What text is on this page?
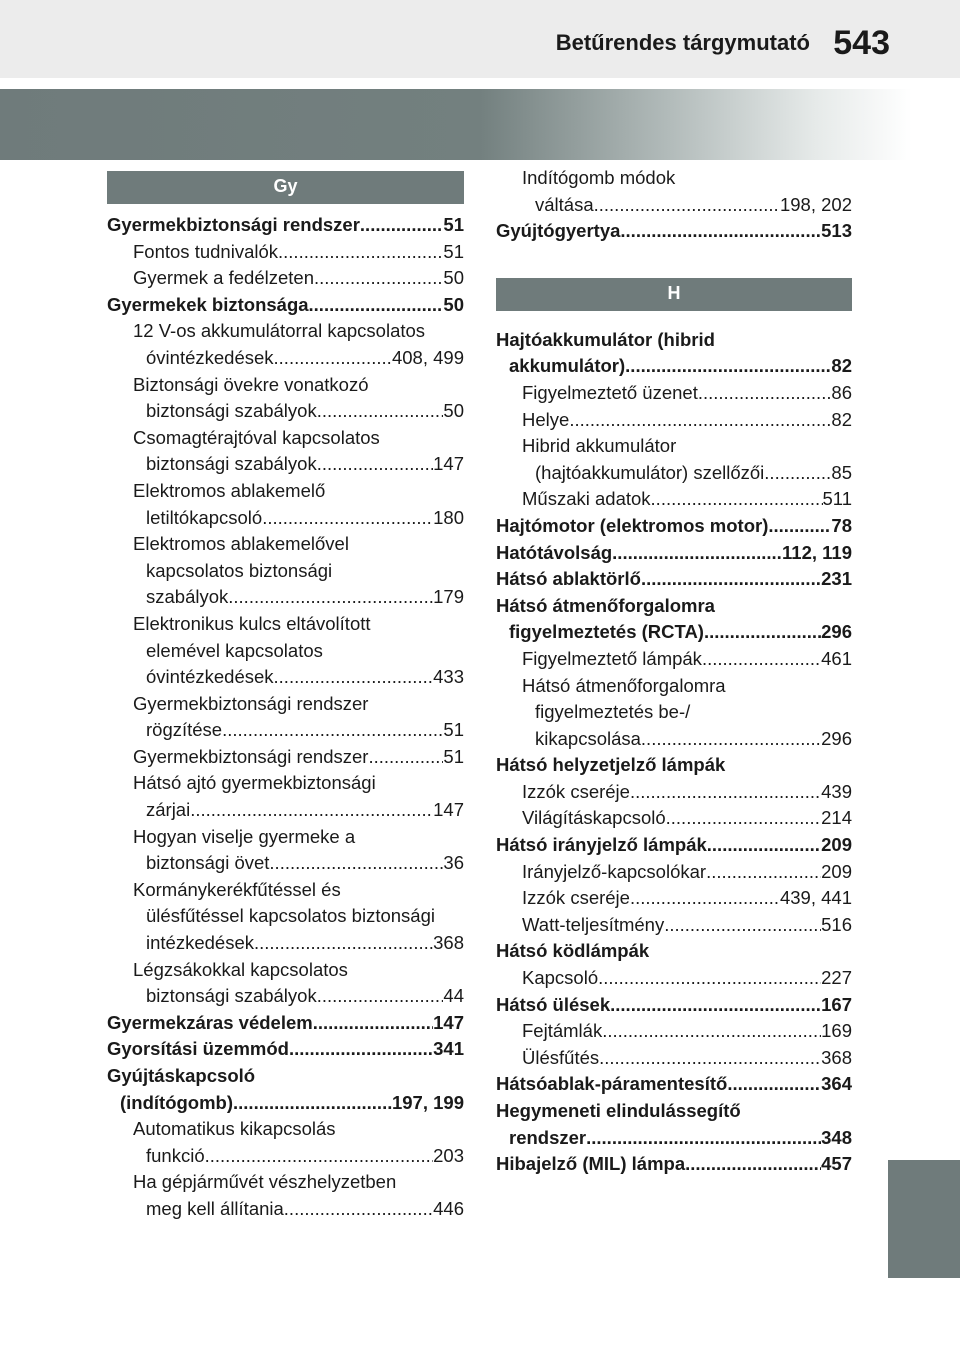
Betűrendes tárgymutató 543
Gy
Gyermekbiztonsági rendszer .....	51
Fontos tudnivalók .....	51
Gyermek a fedélzeten .....	50
Gyermekek biztonsága .....	50
12 V-os akkumulátorral kapcsolatos
óvintézkedések .....	408, 499
Biztonsági övekre vonatkozó
biztonsági szabályok .....	50
Csomagtérajtóval kapcsolatos
biztonsági szabályok .....	147
Elektromos ablakemelő
letiltókapcsoló .....	180
Elektromos ablakemelővel
kapcsolatos biztonsági
szabályok .....	179
Elektronikus kulcs eltávolított
elemével kapcsolatos
óvintézkedések .....	433
Gyermekbiztonsági rendszer
rögzítése .....	51
Gyermekbiztonsági rendszer .....	51
Hátsó ajtó gyermekbiztonsági
zárjai .....	147
Hogyan viselje gyermeke a
biztonsági övet .....	36
Kormánykerékfűtéssel és
ülésfűtéssel kapcsolatos biztonsági
intézkedések .....	368
Légzsákokkal kapcsolatos
biztonsági szabályok .....	44
Gyermekzáras védelem .....	147
Gyorsítási üzemmód .....	341
Gyújtáskapcsoló
(indítógomb) .....	197, 199
Automatikus kikapcsolás
funkció .....	203
Ha gépjárművét vészhelyzetben
meg kell állítania .....	446
Indítógomb módok
váltása .....	198, 202
Gyújtógyertya .....	513
H
Hajtóakkumulátor (hibrid
akkumulátor) .....	82
Figyelmeztető üzenet .....	86
Helye .....	82
Hibrid akkumulátor
(hajtóakkumulátor) szellőzői .....	85
Műszaki adatok .....	511
Hajtómotor (elektromos motor) .....	78
Hatótávolság .....	112, 119
Hátsó ablaktörlő .....	231
Hátsó átmenőforgalomra
figyelmeztetés (RCTA) .....	296
Figyelmeztető lámpák .....	461
Hátsó átmenőforgalomra
figyelmeztetés be-/
kikapcsolása .....	296
Hátsó helyzetjelző lámpák
Izzók cseréje .....	439
Világításkapcsoló .....	214
Hátsó irányjelző lámpák .....	209
Irányjelző-kapcsolókar .....	209
Izzók cseréje .....	439, 441
Watt-teljesítmény .....	516
Hátsó ködlámpák
Kapcsoló .....	227
Hátsó ülések .....	167
Fejtámlák .....	169
Ülésfűtés .....	368
Hátsóablak-páramentesítő .....	364
Hegymeneti elindulássegítő
rendszer .....	348
Hibajelző (MIL) lámpa .....	457
